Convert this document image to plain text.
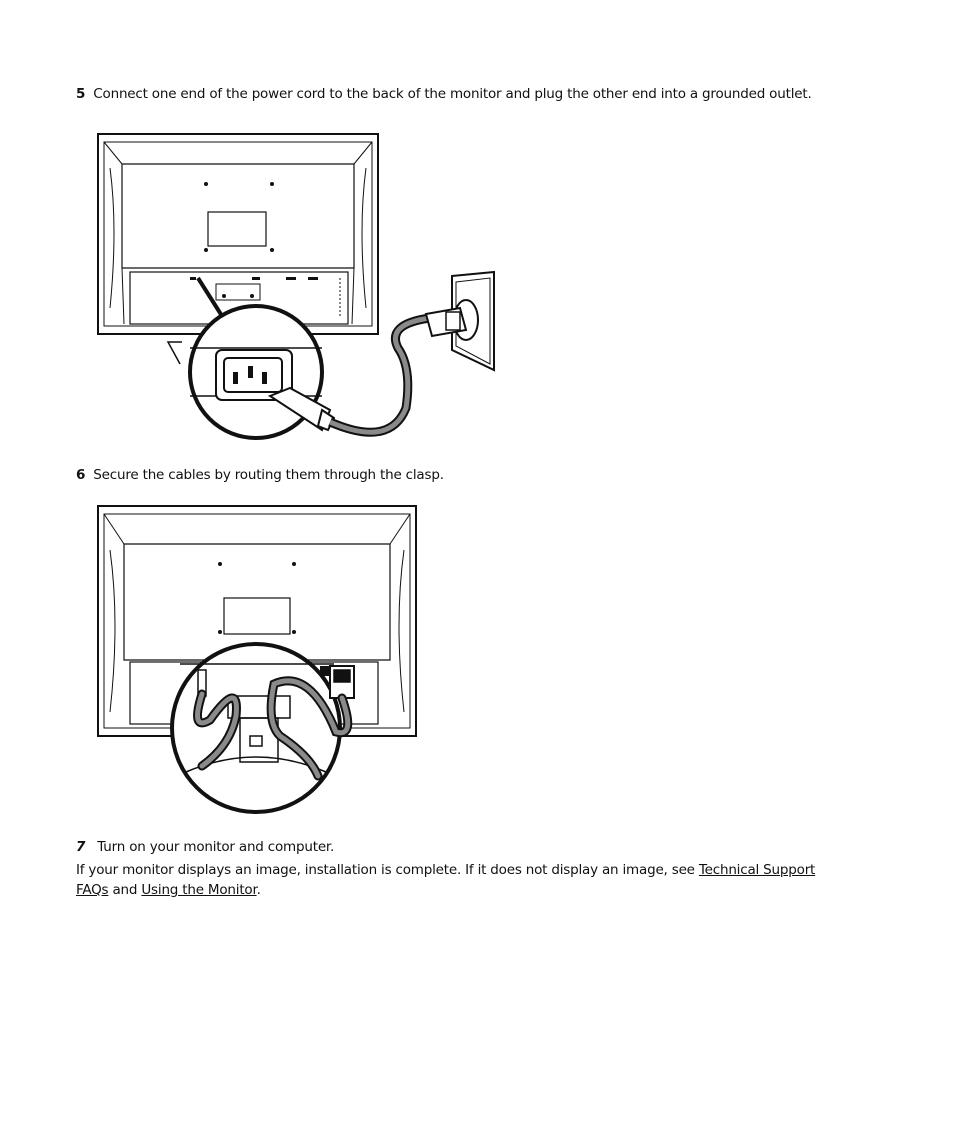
5 Connect one end of the power cord to the back of the monitor and plug the other end into a grounded outlet.
6 Secure the cables by routing them through the clasp.
7 Turn on your monitor and computer.
If your monitor displays an image, installation is complete. If it does not display an image, see Technical Support FAQs and Using the Monitor.
